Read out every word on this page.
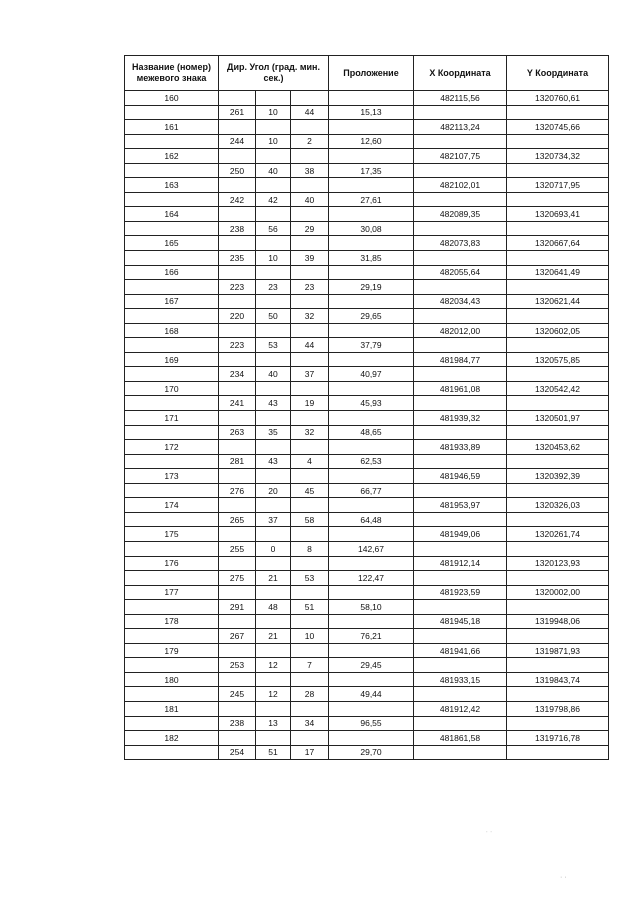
Название (номер) межевого знака	Дир. Угол (град. мин. сек.)			Проложение	X Координата	Y Координата
160					482115,56	1320760,61
	261	10	44	15,13		
161					482113,24	1320745,66
	244	10	2	12,60		
162					482107,75	1320734,32
	250	40	38	17,35		
163					482102,01	1320717,95
	242	42	40	27,61		
164					482089,35	1320693,41
	238	56	29	30,08		
165					482073,83	1320667,64
	235	10	39	31,85		
166					482055,64	1320641,49
	223	23	23	29,19		
167					482034,43	1320621,44
	220	50	32	29,65		
168					482012,00	1320602,05
	223	53	44	37,79		
169					481984,77	1320575,85
	234	40	37	40,97		
170					481961,08	1320542,42
	241	43	19	45,93		
171					481939,32	1320501,97
	263	35	32	48,65		
172					481933,89	1320453,62
	281	43	4	62,53		
173					481946,59	1320392,39
	276	20	45	66,77		
174					481953,97	1320326,03
	265	37	58	64,48		
175					481949,06	1320261,74
	255	0	8	142,67		
176					481912,14	1320123,93
	275	21	53	122,47		
177					481923,59	1320002,00
	291	48	51	58,10		
178					481945,18	1319948,06
	267	21	10	76,21		
179					481941,66	1319871,93
	253	12	7	29,45		
180					481933,15	1319843,74
	245	12	28	49,44		
181					481912,42	1319798,86
	238	13	34	96,55		
182					481861,58	1319716,78
	254	51	17	29,70		
˙ ˙
· ·
